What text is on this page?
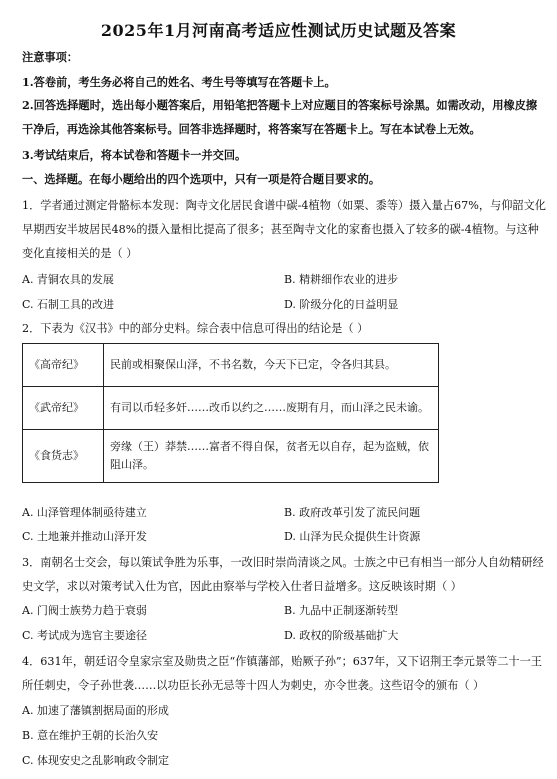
2025年1月河南高考适应性测试历史试题及答案
注意事项：
1.答卷前，考生务必将自己的姓名、考生号等填写在答题卡上。
2.回答选择题时，选出每小题答案后，用铅笔把答题卡上对应题目的答案标号涂黑。如需改动，用橡皮擦
干净后，再选涂其他答案标号。回答非选择题时，将答案写在答题卡上。写在本试卷上无效。
3.考试结束后，将本试卷和答题卡一并交回。
一、选择题。在每小题给出的四个选项中，只有一项是符合题目要求的。
1．学者通过测定骨骼标本发现：陶寺文化居民食谱中碳-4植物（如粟、黍等）摄入量占67%，与仰韶文化
早期西安半坡居民48%的摄入量相比提高了很多；甚至陶寺文化的家畜也摄入了较多的碳-4植物。与这种
变化直接相关的是（ ）
A. 青铜农具的发展	B. 精耕细作农业的进步
C. 石制工具的改进	D. 阶级分化的日益明显
2．下表为《汉书》中的部分史料。综合表中信息可得出的结论是（ ）
《高帝纪》	民前或相聚保山泽，不书名数，今天下已定，令各归其县。
《武帝纪》	有司以币轻多奸……改币以约之……废期有月，而山泽之民未谕。
《食货志》	旁缘（王）莽禁……富者不得自保，贫者无以自存，起为盗贼，依阻山泽。
A. 山泽管理体制亟待建立	B. 政府改革引发了流民问题
C. 土地兼并推动山泽开发	D. 山泽为民众提供生计资源
3．南朝名士交会，每以策试争胜为乐事，一改旧时崇尚清谈之风。士族之中已有相当一部分人自幼精研经
史文学，求以对策考试入仕为官，因此由察举与学校入仕者日益增多。这反映该时期（ ）
A. 门阀士族势力趋于衰弱	B. 九品中正制逐渐转型
C. 考试成为选官主要途径	D. 政权的阶级基础扩大
4．631年，朝廷诏令皇家宗室及勋贵之臣“作镇藩部，贻厥子孙”；637年，又下诏荆王李元景等二十一王
所任刺史，令子孙世袭……以功臣长孙无忌等十四人为刺史，亦令世袭。这些诏令的颁布（ ）
A. 加速了藩镇割据局面的形成
B. 意在维护王朝的长治久安
C. 体现安史之乱影响政令制定
